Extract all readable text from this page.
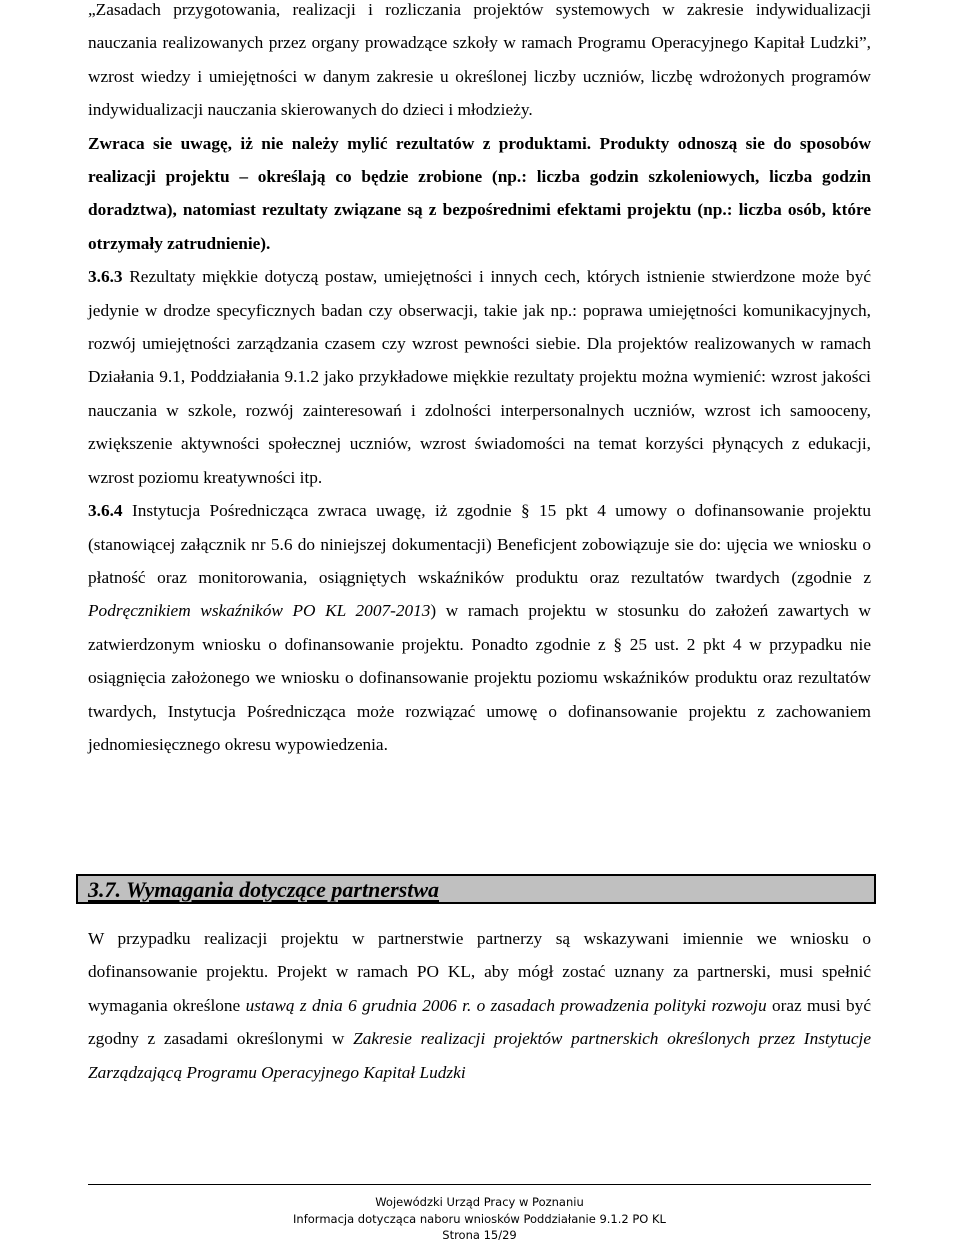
„Zasadach przygotowania, realizacji i rozliczania projektów systemowych w zakresie indywidualizacji nauczania realizowanych przez organy prowadzące szkoły w ramach Programu Operacyjnego Kapitał Ludzki”, wzrost wiedzy i umiejętności w danym zakresie u określonej liczby uczniów, liczbę wdrożonych programów indywidualizacji nauczania skierowanych do dzieci i młodzieży.

Zwraca sie uwagę, iż nie należy mylić rezultatów z produktami. Produkty odnoszą sie do sposobów realizacji projektu – określają co będzie zrobione (np.: liczba godzin szkoleniowych, liczba godzin doradztwa), natomiast rezultaty związane są z bezpośrednimi efektami projektu (np.: liczba osób, które otrzymały zatrudnienie).

3.6.3 Rezultaty miękkie dotyczą postaw, umiejętności i innych cech, których istnienie stwierdzone może być jedynie w drodze specyficznych badan czy obserwacji, takie jak np.: poprawa umiejętności komunikacyjnych, rozwój umiejętności zarządzania czasem czy wzrost pewności siebie. Dla projektów realizowanych w ramach Działania 9.1, Poddziałania 9.1.2 jako przykładowe miękkie rezultaty projektu można wymienić: wzrost jakości nauczania w szkole, rozwój zainteresowań i zdolności interpersonalnych uczniów, wzrost ich samooceny, zwiększenie aktywności społecznej uczniów, wzrost świadomości na temat korzyści płynących z edukacji, wzrost poziomu kreatywności itp.

3.6.4 Instytucja Pośrednicząca zwraca uwagę, iż zgodnie § 15 pkt 4 umowy o dofinansowanie projektu (stanowiącej załącznik nr 5.6 do niniejszej dokumentacji) Beneficjent zobowiązuje sie do: ujęcia we wniosku o płatność oraz monitorowania, osiągniętych wskaźników produktu oraz rezultatów twardych (zgodnie z Podręcznikiem wskaźników PO KL 2007-2013) w ramach projektu w stosunku do założeń zawartych w zatwierdzonym wniosku o dofinansowanie projektu. Ponadto zgodnie z § 25 ust. 2 pkt 4 w przypadku nie osiągnięcia założonego we wniosku o dofinansowanie projektu poziomu wskaźników produktu oraz rezultatów twardych, Instytucja Pośrednicząca może rozwiązać umowę o dofinansowanie projektu z zachowaniem jednomiesięcznego okresu wypowiedzenia.

3.7. Wymagania dotyczące partnerstwa

W przypadku realizacji projektu w partnerstwie partnerzy są wskazywani imiennie we wniosku o dofinansowanie projektu. Projekt w ramach PO KL, aby mógł zostać uznany za partnerski, musi spełnić wymagania określone ustawą z dnia 6 grudnia 2006 r. o zasadach prowadzenia polityki rozwoju oraz musi być zgodny z zasadami określonymi w Zakresie realizacji projektów partnerskich określonych przez Instytucje Zarządzającą Programu Operacyjnego Kapitał Ludzki

Wojewódzki Urząd Pracy w Poznaniu
Informacja dotycząca naboru wniosków Poddziałanie 9.1.2 PO KL
Strona 15/29
